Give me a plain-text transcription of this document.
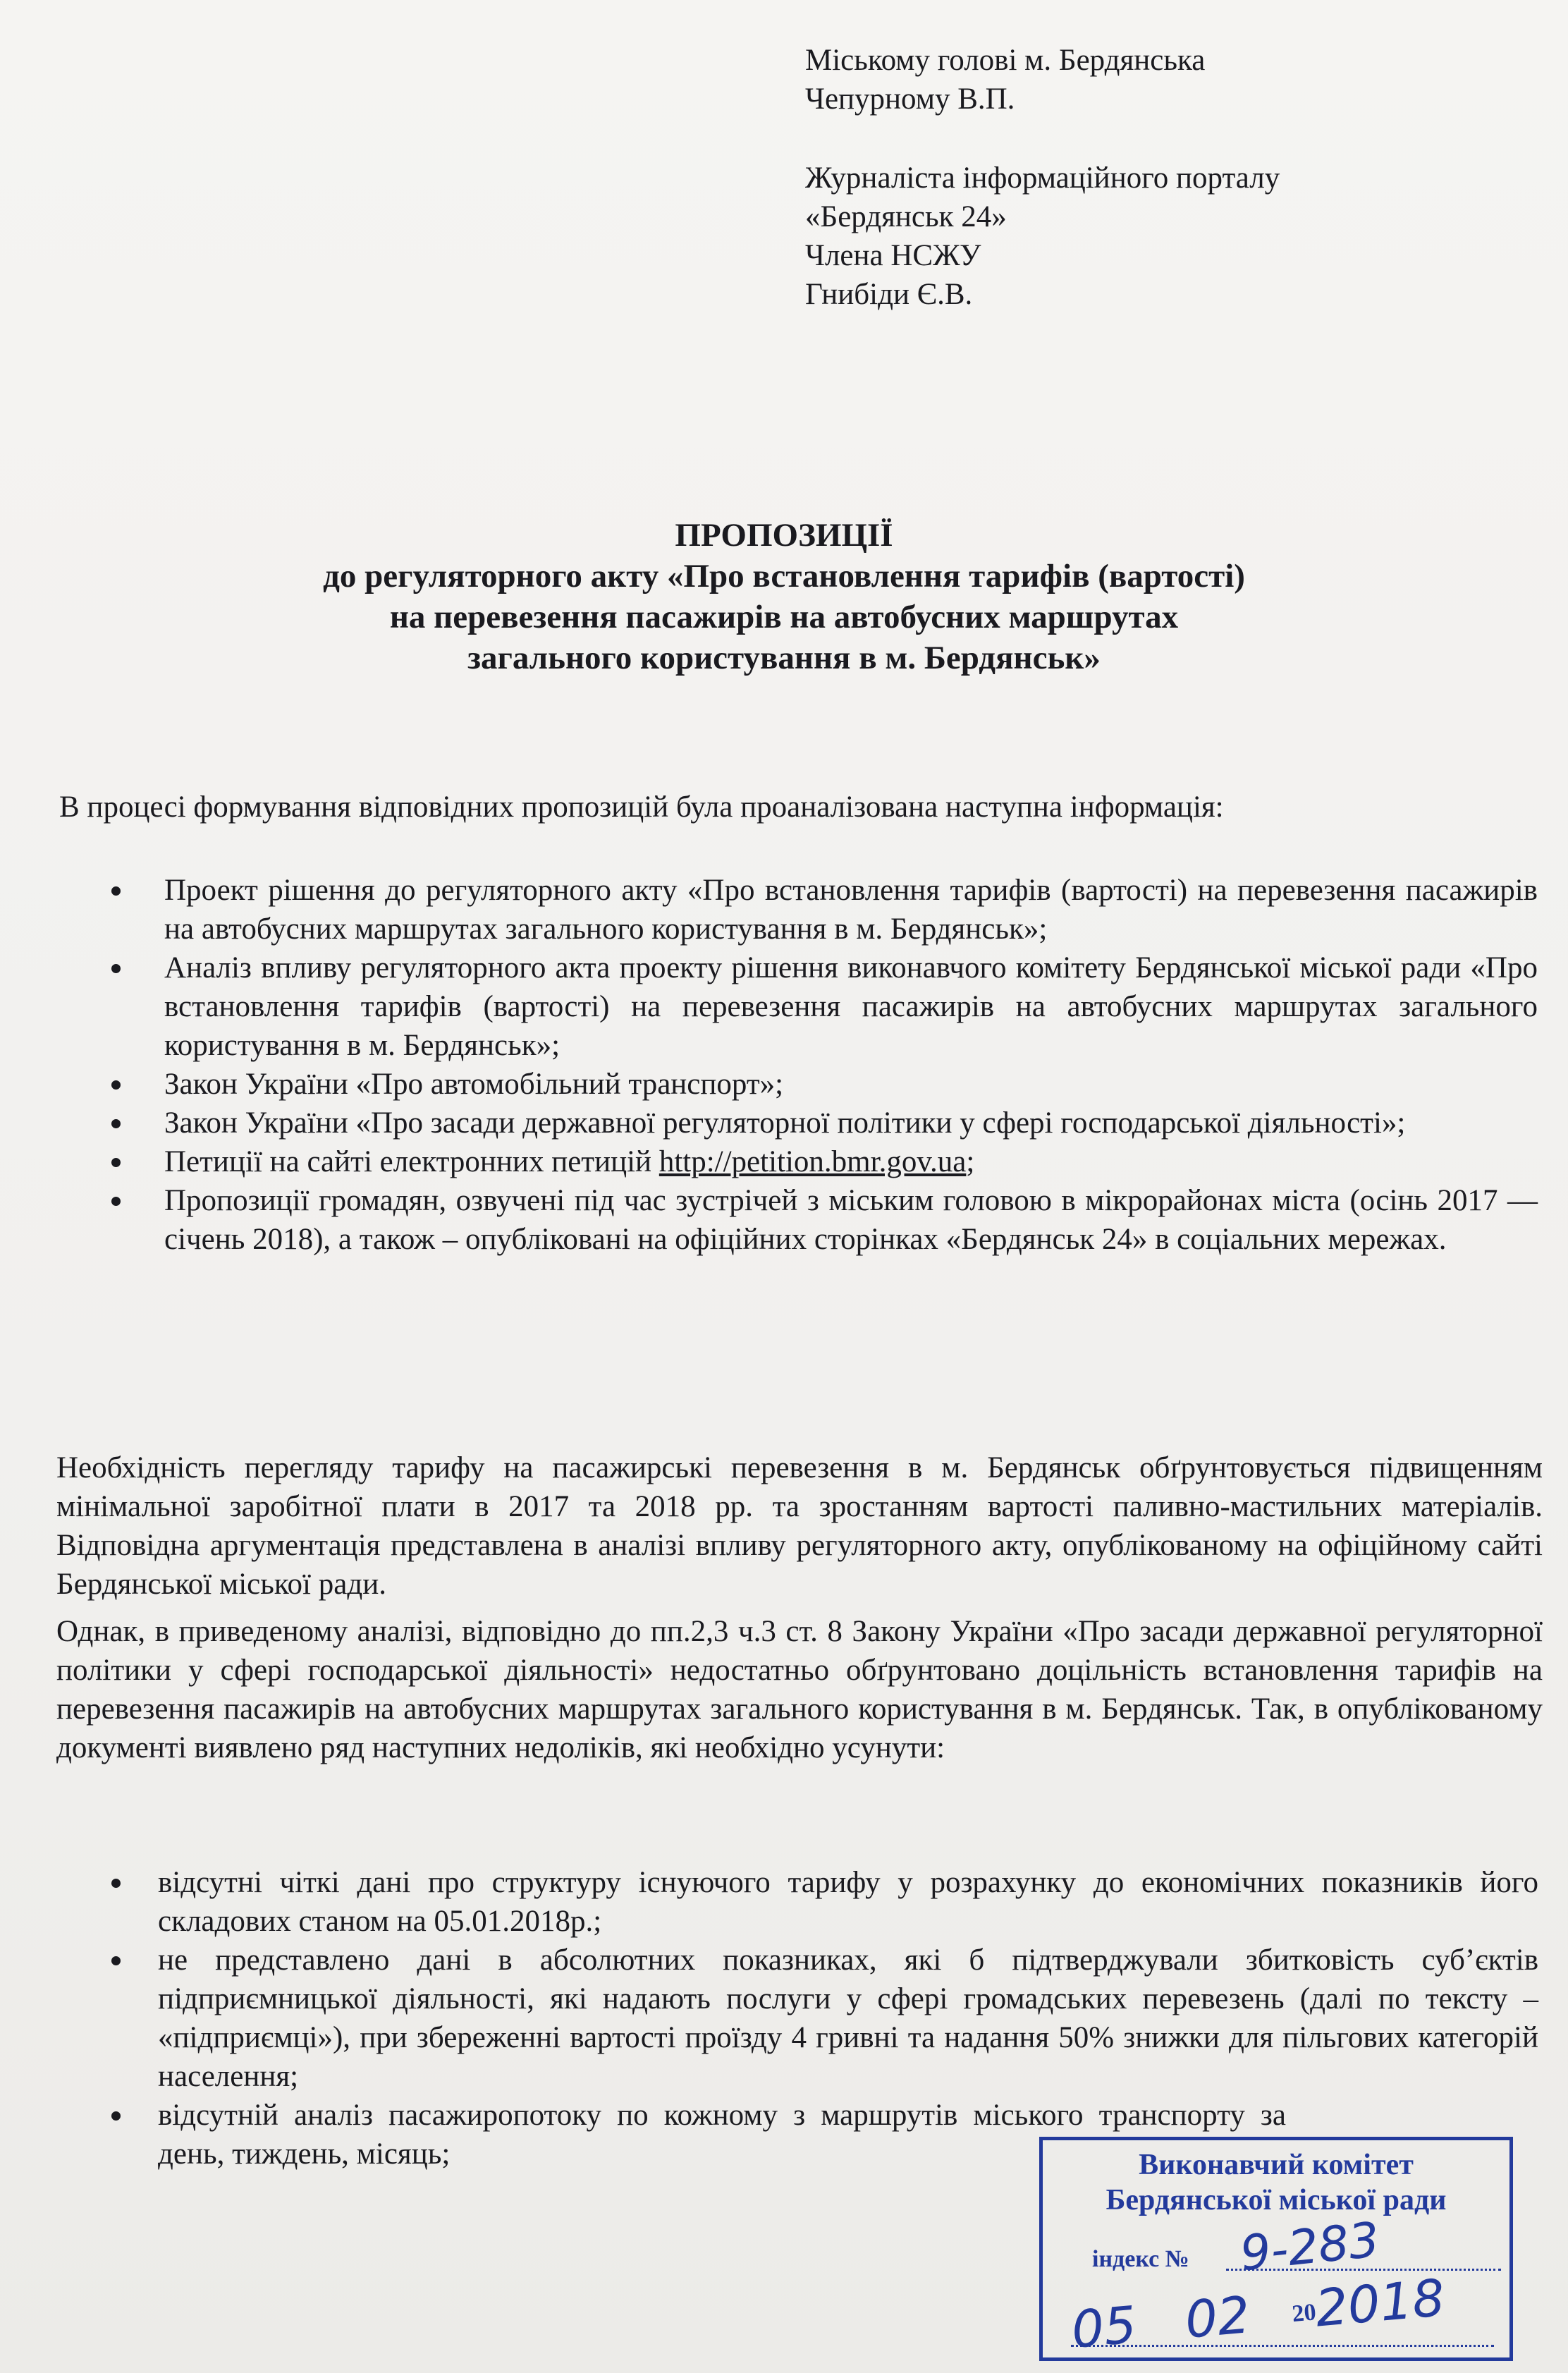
Міському голові м. Бердянська
Чепурному В.П.
Журналіста інформаційного порталу
«Бердянськ 24»
Члена НСЖУ
Гнибіди Є.В.
ПРОПОЗИЦІЇ
до регуляторного акту «Про встановлення тарифів (вартості)
на перевезення пасажирів на автобусних маршрутах
загального користування в м. Бердянськ»
В процесі формування відповідних пропозицій була проаналізована наступна інформація:
Проект рішення до регуляторного акту «Про встановлення тарифів (вартості) на перевезення пасажирів на автобусних маршрутах загального користування в м. Бердянськ»;
Аналіз впливу регуляторного акта проекту рішення виконавчого комітету Бердянської міської ради «Про встановлення тарифів (вартості) на перевезення пасажирів на автобусних маршрутах загального користування в м. Бердянськ»;
Закон України «Про автомобільний транспорт»;
Закон України «Про засади державної регуляторної політики у сфері господарської діяльності»;
Петиції на сайті електронних петицій http://petition.bmr.gov.ua;
Пропозиції громадян, озвучені під час зустрічей з міським головою в мікрорайонах міста (осінь 2017 — січень 2018), а також – опубліковані на офіційних сторінках «Бердянськ 24» в соціальних мережах.
Необхідність перегляду тарифу на пасажирські перевезення в м. Бердянськ обґрунтовується підвищенням мінімальної заробітної плати в 2017 та 2018 рр. та зростанням вартості паливно-мастильних матеріалів. Відповідна аргументація представлена в аналізі впливу регуляторного акту, опублікованому на офіційному сайті Бердянської міської ради.
Однак, в приведеному аналізі, відповідно до пп.2,3 ч.3 ст. 8 Закону України «Про засади державної регуляторної політики у сфері господарської діяльності» недостатньо обґрунтовано доцільність встановлення тарифів на перевезення пасажирів на автобусних маршрутах загального користування в м. Бердянськ. Так, в опублікованому документі виявлено ряд наступних недоліків, які необхідно усунути:
відсутні чіткі дані про структуру існуючого тарифу у розрахунку до економічних показників його складових станом на 05.01.2018р.;
не представлено дані в абсолютних показниках, які б підтверджували збитковість суб’єктів підприємницької діяльності, які надають послуги у сфері громадських перевезень (далі по тексту – «підприємці»), при збереженні вартості проїзду 4 гривні та надання 50% знижки для пільгових категорій населення;
відсутній аналіз пасажиропотоку по кожному з маршрутів міського транспорту за день, тиждень, місяць;	Виконавчий комітет
Бердянської міської ради
індекс № 9-283
05 02 202018
